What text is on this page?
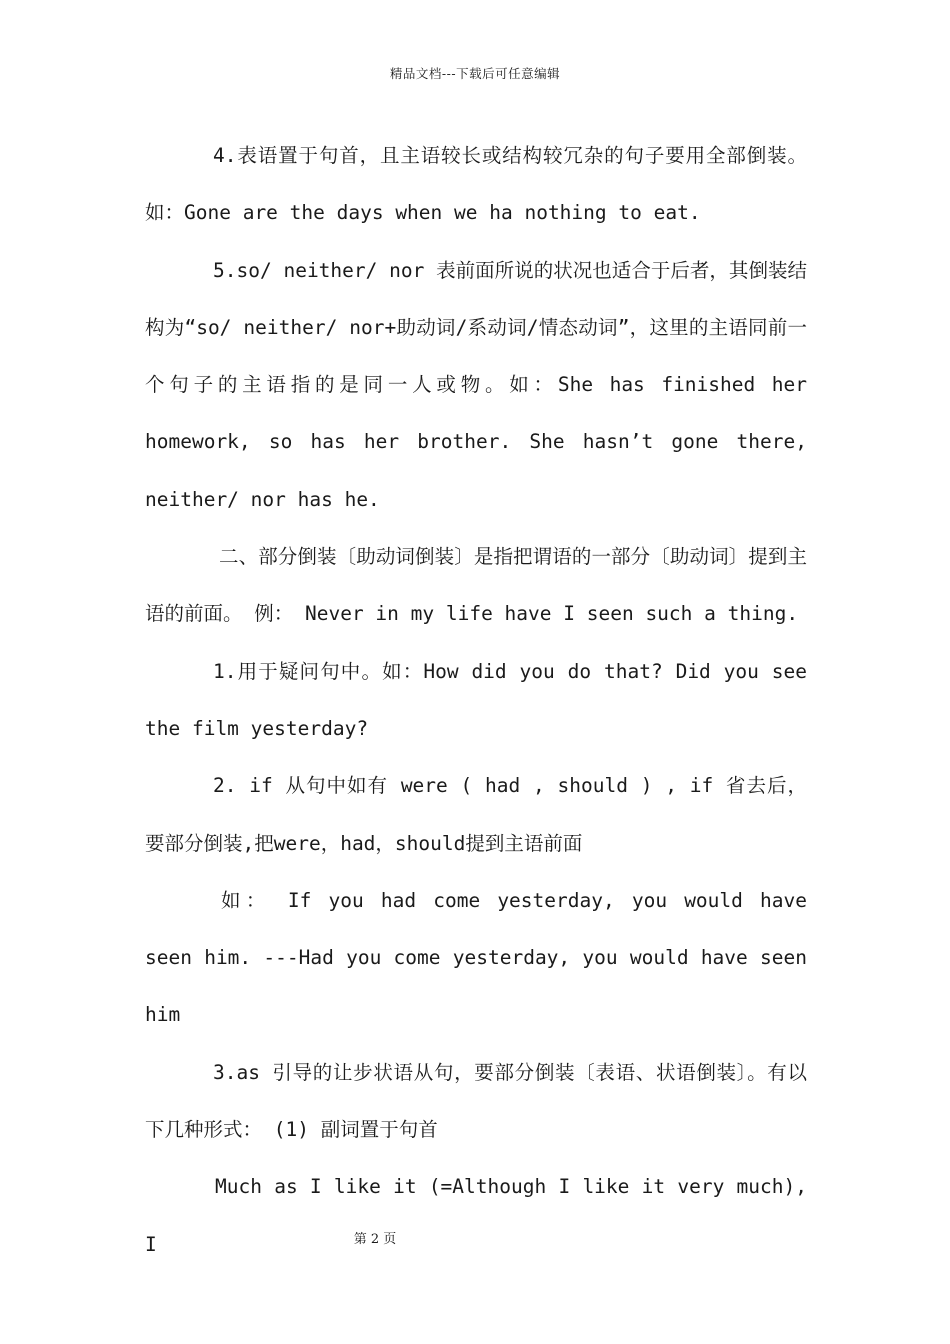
精品文档---下载后可任意编辑

4.表语置于句首，且主语较长或结构较冗杂的句子要用全部倒装。如：Gone are the days when we ha nothing to eat.

5.so/ neither/ nor 表前面所说的状况也适合于后者，其倒装结构为“so/ neither/ nor+助动词/系动词/情态动词”，这里的主语同前一个句子的主语指的是同一人或物。如：She has finished her homework, so has her brother. She hasn’t gone there, neither/ nor has he.

二、部分倒装〔助动词倒装〕是指把谓语的一部分〔助动词〕提到主语的前面。 例： Never in my life have I seen such a thing.

1.用于疑问句中。如：How did you do that? Did you see the film yesterday?

2. if 从句中如有 were ( had , should ) , if 省去后，要部分倒装,把were，had，should提到主语前面

如： If you had come yesterday, you would have seen him. ---Had you come yesterday, you would have seen him

3.as 引导的让步状语从句，要部分倒装〔表语、状语倒装〕。有以下几种形式： (1) 副词置于句首

Much as I like it (=Although I like it very much), I	第 2 页
